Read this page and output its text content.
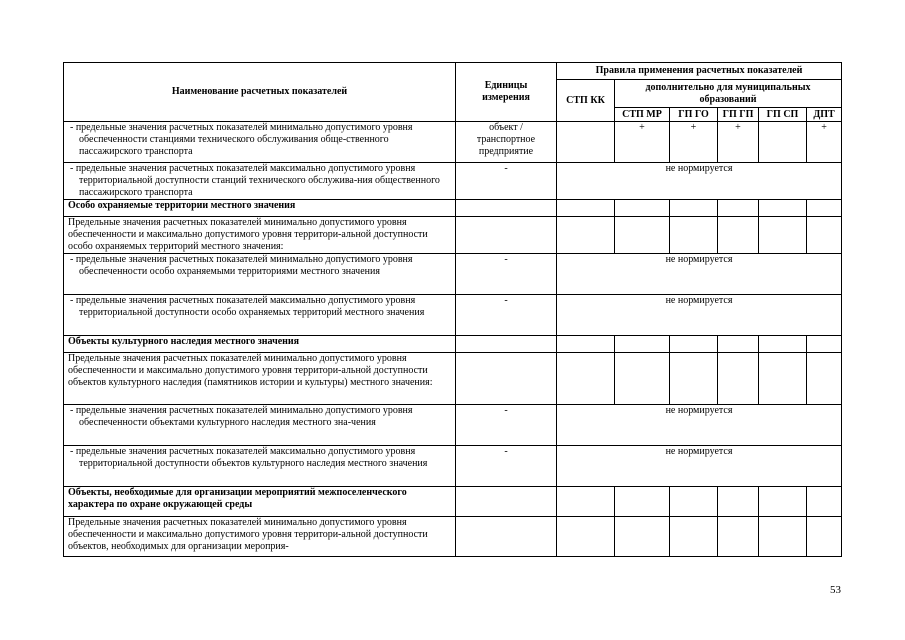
Наименование расчетных показателей	Единицы измерения	Правила применения расчетных показателей					
		СТП КК	дополнительно для муниципальных образований				
			СТП МР	ГП ГО	ГП ГП	ГП СП	ДПТ

- предельные значения расчетных показателей минимально допустимого уровня обеспеченности станциями технического обслуживания обще-ственного пассажирского транспорта	объект / транспортное предприятие		+	+	+		+

- предельные значения расчетных показателей максимально допустимого уровня территориальной доступности станций технического обслужива-ния общественного пассажирского транспорта	-	не нормируется					
Особо охраняемые территории местного значения							
Предельные значения расчетных показателей минимально допустимого уровня обеспеченности и максимально допустимого уровня территори-альной доступности особо охраняемых территорий местного значения:							

- предельные значения расчетных показателей минимально допустимого уровня обеспеченности особо охраняемыми территориями местного значения	-	не нормируется					

- предельные значения расчетных показателей максимально допустимого уровня территориальной доступности особо охраняемых территорий местного значения	-	не нормируется					
Объекты культурного наследия местного значения							
Предельные значения расчетных показателей минимально допустимого уровня обеспеченности и максимально допустимого уровня территори-альной доступности объектов культурного наследия (памятников истории и культуры) местного значения:							

- предельные значения расчетных показателей минимально допустимого уровня обеспеченности объектами культурного наследия местного зна-чения	-	не нормируется					

- предельные значения расчетных показателей максимально допустимого уровня территориальной доступности объектов культурного наследия местного значения	-	не нормируется					
Объекты, необходимые для организации мероприятий межпоселенческого характера по охране окружающей среды							
Предельные значения расчетных показателей минимально допустимого уровня обеспеченности и максимально допустимого уровня территори-альной доступности объектов, необходимых для организации мероприя-							
53
